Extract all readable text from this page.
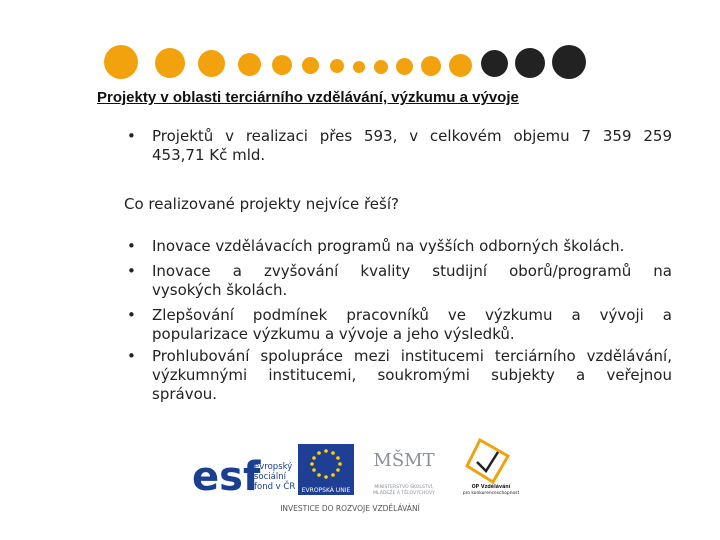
Projekty v oblasti terciárního vzdělávání, výzkumu a vývoje
• Projektů v realizaci přes 593, v celkovém objemu 7 359 259
453,71 Kč mld.
Co realizované projekty nejvíce řeší?
• Inovace vzdělávacích programů na vyšších odborných školách.
• Inovace a zvyšování kvality studijní oborů/programů na
vysokých školách.
• Zlepšování podmínek pracovníků ve výzkumu a vývoji a
popularizace výzkumu a vývoje a jeho výsledků.
• Prohlubování spolupráce mezi institucemi terciárního vzdělávání,
výzkumnými institucemi, soukromými subjekty a veřejnou
správou.
esf
evropský
sociální
fond v ČR EVROPSKÁ UNIE
MŠMT
MINISTERSTVO ŠKOLSTVÍ,
MLÁDEŽE A TĚLOVÝCHOVY
OP Vzdělávání
pro konkurenceschopnost
INVESTICE DO ROZVOJE VZDĚLÁVÁNÍ
